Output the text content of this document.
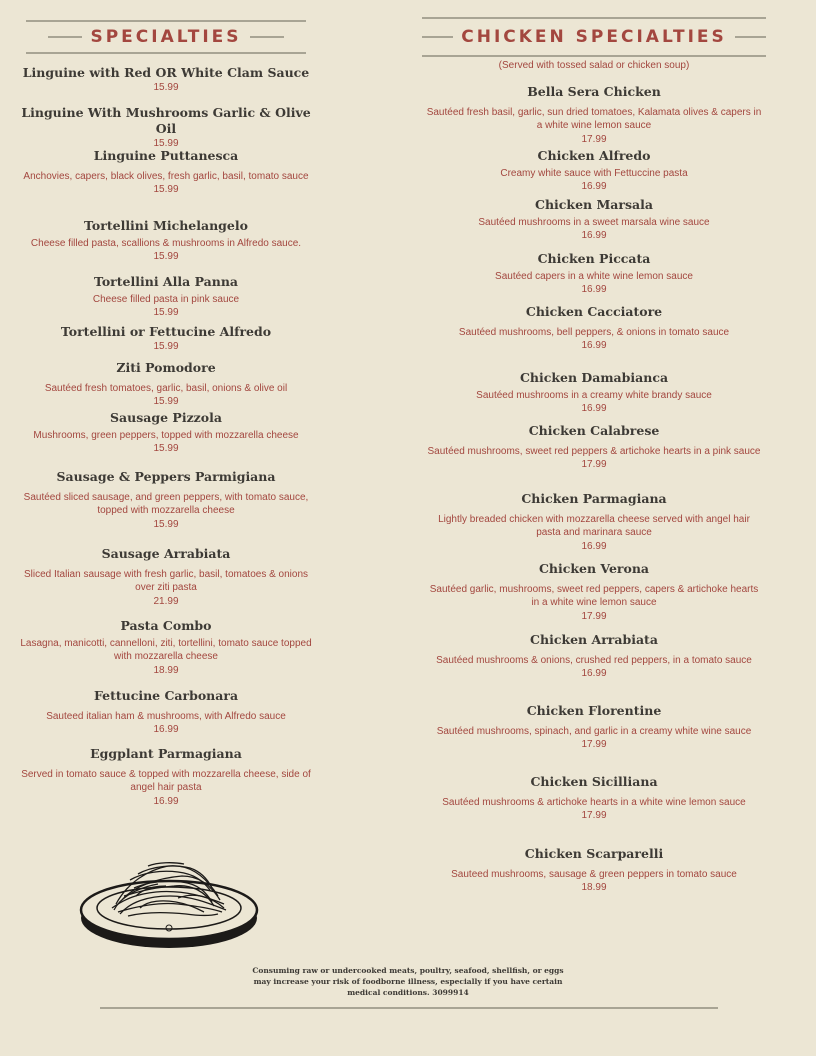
SPECIALTIES
Linguine with Red OR White Clam Sauce
15.99
Linguine With Mushrooms Garlic & Olive Oil
15.99
Linguine Puttanesca
Anchovies, capers, black olives, fresh garlic, basil, tomato sauce
15.99
Tortellini Michelangelo
Cheese filled pasta, scallions & mushrooms in Alfredo sauce.
15.99
Tortellini Alla Panna
Cheese filled pasta in pink sauce
15.99
Tortellini or Fettucine Alfredo
15.99
Ziti Pomodore
Sautéed fresh tomatoes, garlic, basil, onions & olive oil
15.99
Sausage Pizzola
Mushrooms, green peppers, topped with mozzarella cheese
15.99
Sausage & Peppers Parmigiana
Sautéed sliced sausage, and green peppers, with tomato sauce, topped with mozzarella cheese
15.99
Sausage Arrabiata
Sliced Italian sausage with fresh garlic, basil, tomatoes & onions over ziti pasta
21.99
Pasta Combo
Lasagna, manicotti, cannelloni, ziti, tortellini, tomato sauce topped with mozzarella cheese
18.99
Fettucine Carbonara
Sauteed italian ham & mushrooms, with Alfredo sauce
16.99
Eggplant Parmagiana
Served in tomato sauce & topped with mozzarella cheese, side of angel hair pasta
16.99
CHICKEN SPECIALTIES
(Served with tossed salad or chicken soup)
Bella Sera Chicken
Sautéed fresh basil, garlic, sun dried tomatoes, Kalamata olives & capers in a white wine lemon sauce
17.99
Chicken Alfredo
Creamy white sauce with Fettuccine pasta
16.99
Chicken Marsala
Sautéed mushrooms in a sweet marsala wine sauce
16.99
Chicken Piccata
Sautéed capers in a white wine lemon sauce
16.99
Chicken Cacciatore
Sautéed mushrooms, bell peppers, & onions in tomato sauce
16.99
Chicken Damabianca
Sautéed mushrooms in a creamy white brandy sauce
16.99
Chicken Calabrese
Sautéed mushrooms, sweet red peppers & artichoke hearts in a pink sauce
17.99
Chicken Parmagiana
Lightly breaded chicken with mozzarella cheese served with angel hair pasta and marinara sauce
16.99
Chicken Verona
Sautéed garlic, mushrooms, sweet red peppers, capers & artichoke hearts in a white wine lemon sauce
17.99
Chicken Arrabiata
Sautéed mushrooms & onions, crushed red peppers, in a tomato sauce
16.99
Chicken Florentine
Sautéed mushrooms, spinach, and garlic in a creamy white wine sauce
17.99
Chicken Sicilliana
Sautéed mushrooms & artichoke hearts in a white wine lemon sauce
17.99
Chicken Scarparelli
Sauteed mushrooms, sausage & green peppers in tomato sauce
18.99
Consuming raw or undercooked meats, poultry, seafood, shellfish, or eggs may increase your risk of foodborne illness, especially if you have certain medical conditions. 3099914
